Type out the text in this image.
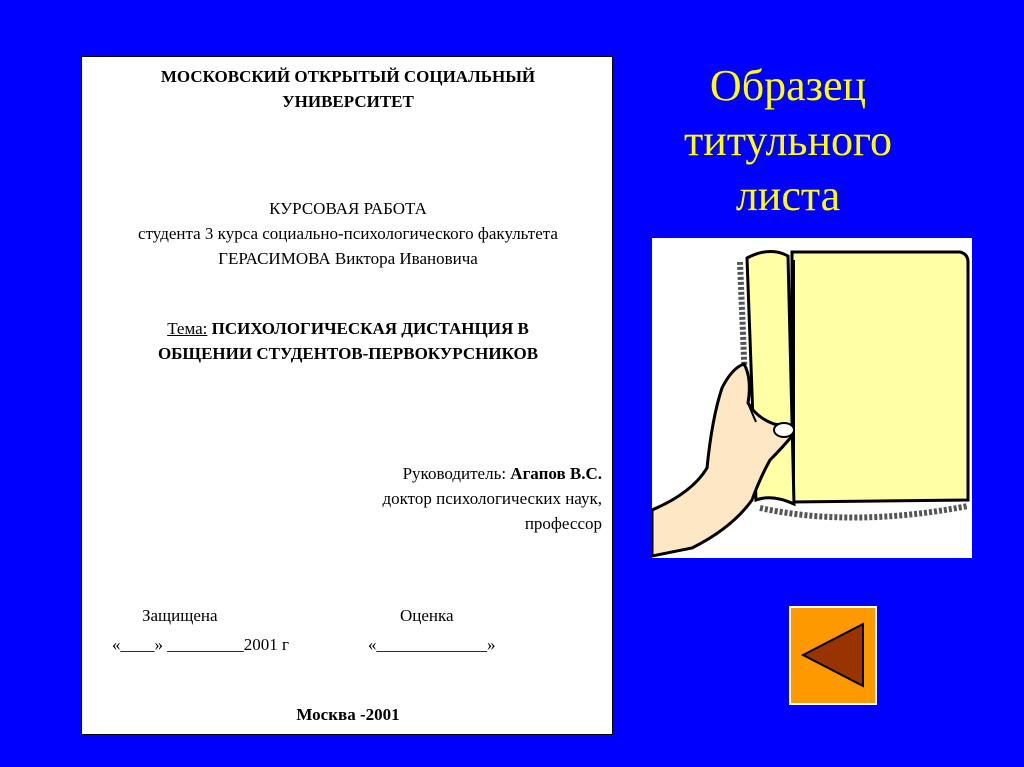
МОСКОВСКИЙ ОТКРЫТЫЙ СОЦИАЛЬНЫЙ
УНИВЕРСИТЕТ
КУРСОВАЯ РАБОТА
студента 3 курса социально-психологического факультета
ГЕРАСИМОВА Виктора Ивановича
Тема: ПСИХОЛОГИЧЕСКАЯ ДИСТАНЦИЯ В
ОБЩЕНИИ СТУДЕНТОВ-ПЕРВОКУРСНИКОВ
Руководитель: Агапов В.С.
доктор психологических наук,
профессор
Защищена
«____» _________2001 г
Оценка
«_____________»
Москва -2001
Образец
титульного
листа
